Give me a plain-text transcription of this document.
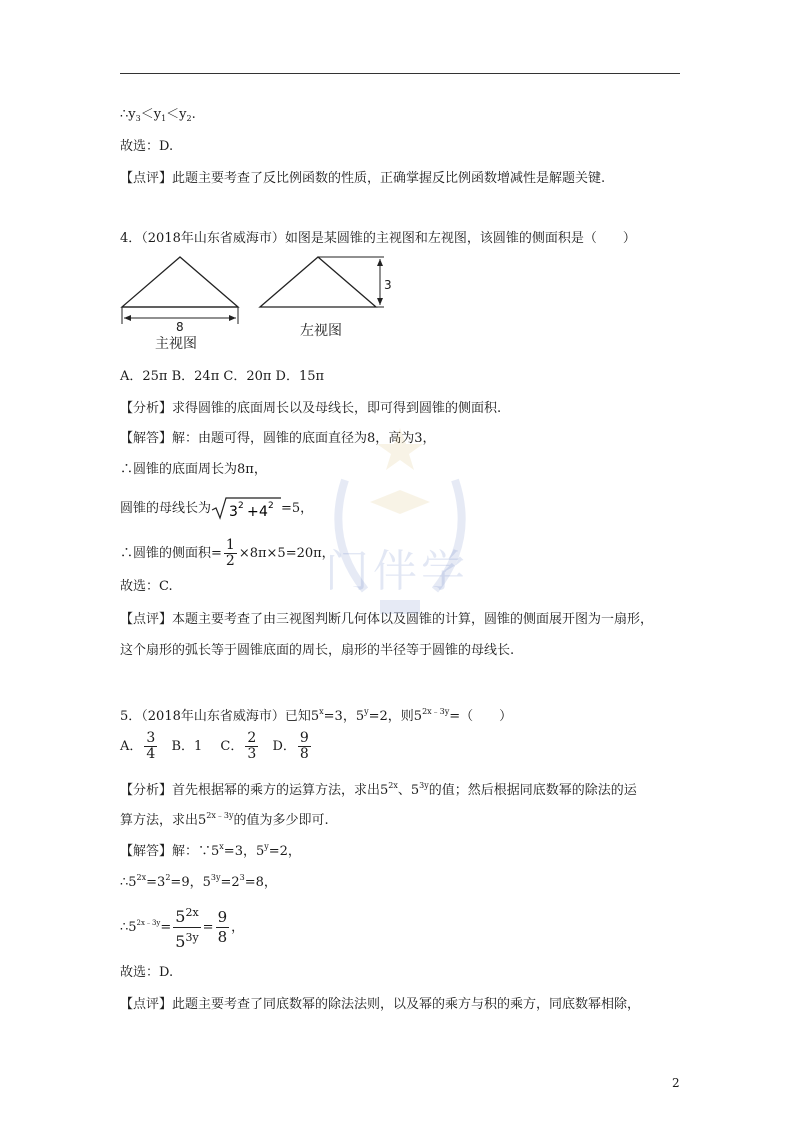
$\therefore y_3<y_1<y_2$.
故选：D.
【点评】此题主要考查了反比例函数的性质，正确掌握反比例函数增减性是解题关键.
4．（2018年山东省威海市）如图是某圆锥的主视图和左视图，该圆锥的侧面积是（　　）
8
主视图
3
左视图
A．25π B．24π C．20π D．15π
【分析】求得圆锥的底面周长以及母线长，即可得到圆锥的侧面积.
【解答】解：由题可得，圆锥的底面直径为8，高为3，
∴圆锥的底面周长为8π，
圆锥的母线长为 3 2 + 4 2 =5，
∴圆锥的侧面积= $\frac{1}{2} \times 8\pi\times 5=20\pi$，
故选：C.
【点评】本题主要考查了由三视图判断几何体以及圆锥的计算，圆锥的侧面展开图为一扇形，
这个扇形的弧长等于圆锥底面的周长，扇形的半径等于圆锥的母线长.
5．（2018年山东省威海市）已知$5^x=3$，$5^y=2$，则$5^{2x﹣3y}=$（　　）
A． $\frac{3}{4}$ B．1 C． $\frac{2}{3}$ D． $\frac{9}{8}$
【分析】首先根据幂的乘方的运算方法，求出$5^{2x}$、$5^{3y}$的值；然后根据同底数幂的除法的运
算方法，求出$5^{2x﹣3y}$的值为多少即可.
【解答】解：$\because 5^x=3$，$5^y=2$，
$\therefore 5^{2x}=3^2=9$，$5^{3y}=2^3=8$，
$\therefore 5^{2x﹣3y}= \frac{5^{2x}}{5^{3y}} = \frac{9}{8}$ ，
故选：D.
【点评】此题主要考查了同底数幂的除法法则，以及幂的乘方与积的乘方，同底数幂相除，
门伴学
2
